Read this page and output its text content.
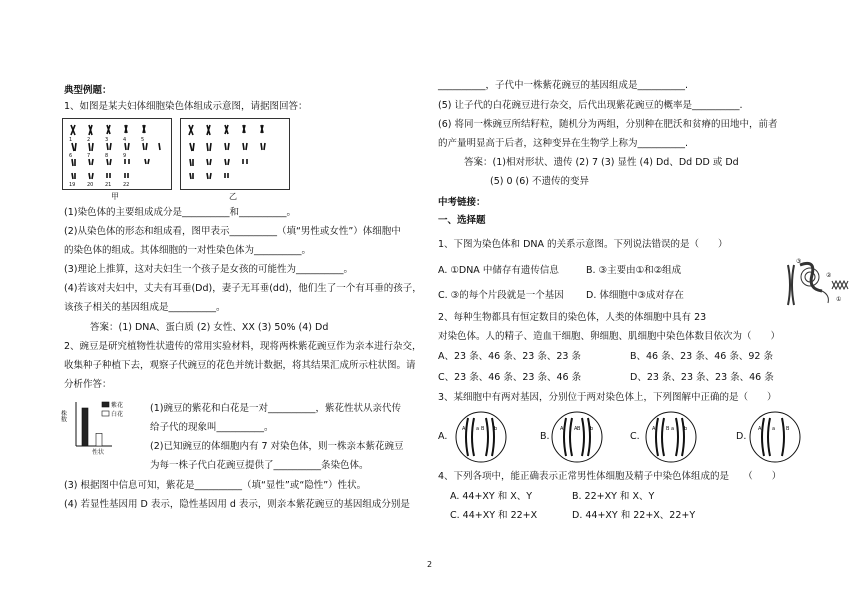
典型例题：
1、如图是某夫妇体细胞染色体组成示意图，请据图回答：
1	2	3	4	5
6	7	8	9
19 20 21 22
甲	乙
(1)染色体的主要组成成分是__________和__________。
(2)从染色体的形态和组成看，图甲表示__________（填“男性或女性”）体细胞中
的染色体的组成。其体细胞的一对性染色体为__________。
(3)理论上推算，这对夫妇生一个孩子是女孩的可能性为__________。
(4)若该对夫妇中，丈夫有耳垂(Dd)，妻子无耳垂(dd)，他们生了一个有耳垂的孩子，
该孩子相关的基因组成是__________。
答案：(1) DNA、蛋白质 (2) 女性、XX (3) 50% (4) Dd
2、豌豆是研究植物性状遗传的常用实验材料，现将两株紫花豌豆作为亲本进行杂交，
收集种子种植下去，观察子代豌豆的花色并统计数据，将其结果汇成所示柱状图。请
分析作答：
株数
紫花
白花
性状
(1)豌豆的紫花和白花是一对__________，紫花性状从亲代传
给子代的现象叫__________。
(2)已知豌豆的体细胞内有 7 对染色体，则一株亲本紫花豌豆
为每一株子代白花豌豆提供了__________条染色体。
(3) 根据图中信息可知，紫花是__________（填“显性”或“隐性”）性状。
(4) 若显性基因用 D 表示，隐性基因用 d 表示，则亲本紫花豌豆的基因组成分别是
__________，子代中一株紫花豌豆的基因组成是__________.
(5) 让子代的白花豌豆进行杂交，后代出现紫花豌豆的概率是__________.
(6) 将同一株豌豆所结籽粒，随机分为两组，分别种在肥沃和贫瘠的田地中，前者
的产量明显高于后者，这种变异在生物学上称为__________.
答案：(1)相对形状、遗传 (2) 7 (3) 显性 (4) Dd、Dd DD 或 Dd
(5) 0 (6) 不遗传的变异
中考链接：
一、选择题
1、下图为染色体和 DNA 的关系示意图。下列说法错误的是（　　）
A. ①DNA 中储存有遗传信息	B. ③主要由①和②组成
C. ③的每个片段就是一个基因 D. 体细胞中③成对存在
③
②
①
2、每种生物都具有恒定数目的染色体，人类的体细胞中具有 23
对染色体。人的精子、造血干细胞、卵细胞、肌细胞中染色体数目依次为（　　）
A、23 条、46 条、23 条、23 条	B、46 条、23 条、46 条、92 条
C、23 条、46 条、23 条、46 条	D、23 条、23 条、23 条、46 条
3、某细胞中有两对基因，分别位于两对染色体上，下列图解中正确的是（　　）
A.	B.	C.	D.
A a B b	A A B b	A B a b	A a B
4、下列各项中，能正确表示正常男性体细胞及精子中染色体组成的是　　（　　）
A. 44+XY 和 X、Y	B. 22+XY 和 X、Y
C. 44+XY 和 22+X	D. 44+XY 和 22+X、22+Y
2
